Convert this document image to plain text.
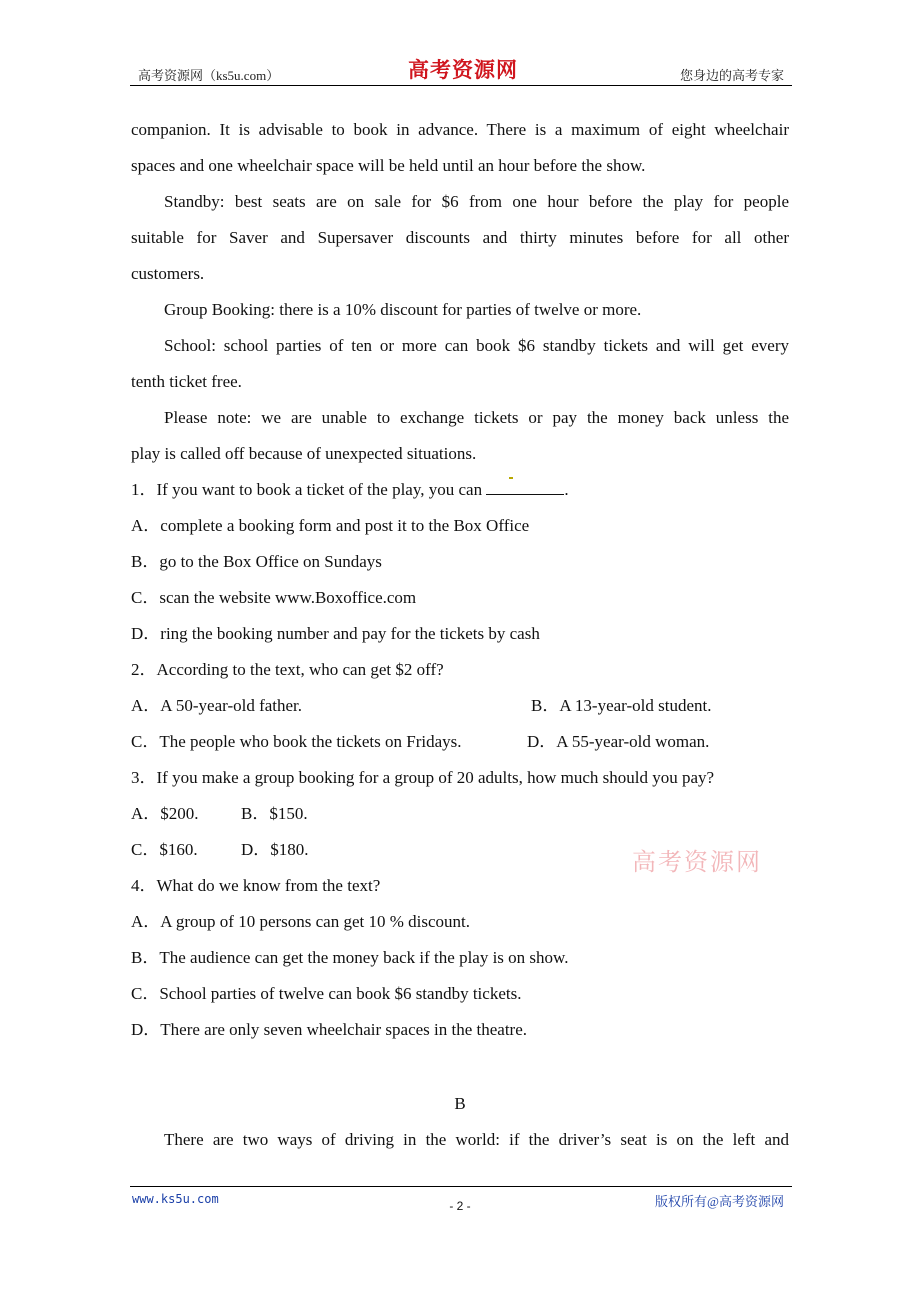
高考资源网（ks5u.com）	高考资源网	您身边的高考专家
companion. It is advisable to book in advance. There is a maximum of eight wheelchair
spaces and one wheelchair space will be held until an hour before the show.
Standby: best seats are on sale for $6 from one hour before the play for people
suitable for Saver and Supersaver discounts and thirty minutes before for all other
customers.
Group Booking: there is a 10% discount for parties of twelve or more.
School: school parties of ten or more can book $6 standby tickets and will get every
tenth ticket free.
Please note: we are unable to exchange tickets or pay the money back unless the
play is called off because of unexpected situations.
1．If you want to book a ticket of the play, you can	.
A．complete a booking form and post it to the Box Office
B．go to the Box Office on Sundays
C．scan the website www.Boxoffice.com
D．ring the booking number and pay for the tickets by cash
2．According to the text, who can get $2 off?
A．A 50-year-old father.	B．A 13-year-old student.
C．The people who book the tickets on Fridays.	D．A 55-year-old woman.
3．If you make a group booking for a group of 20 adults, how much should you pay?
A．$200. B．$150.
C．$160.	D．$180.
4．What do we know from the text?
A．A group of 10 persons can get 10 % discount.
B．The audience can get the money back if the play is on show.
C．School parties of twelve can book $6 standby tickets.
D．There are only seven wheelchair spaces in the theatre.
B
There are two ways of driving in the world: if the driver’s seat is on the left and
高考资源网
www.ks5u.com	- 2 -	版权所有@高考资源网
